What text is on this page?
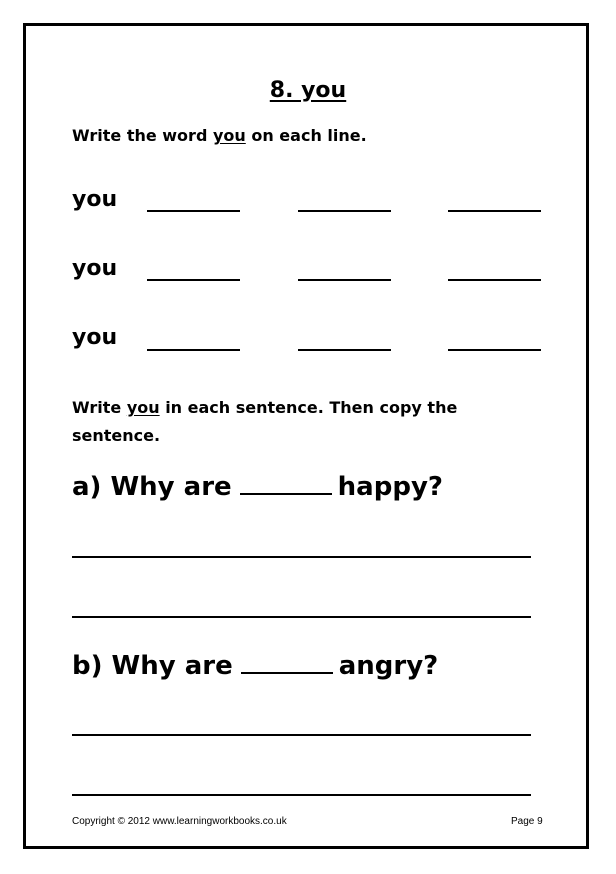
8. you
Write the word you on each line.
you
you
you
Write you in each sentence. Then copy the
sentence.
a) Why are	happy?
b) Why are	angry?
Copyright © 2012 www.learningworkbooks.co.uk	Page 9
